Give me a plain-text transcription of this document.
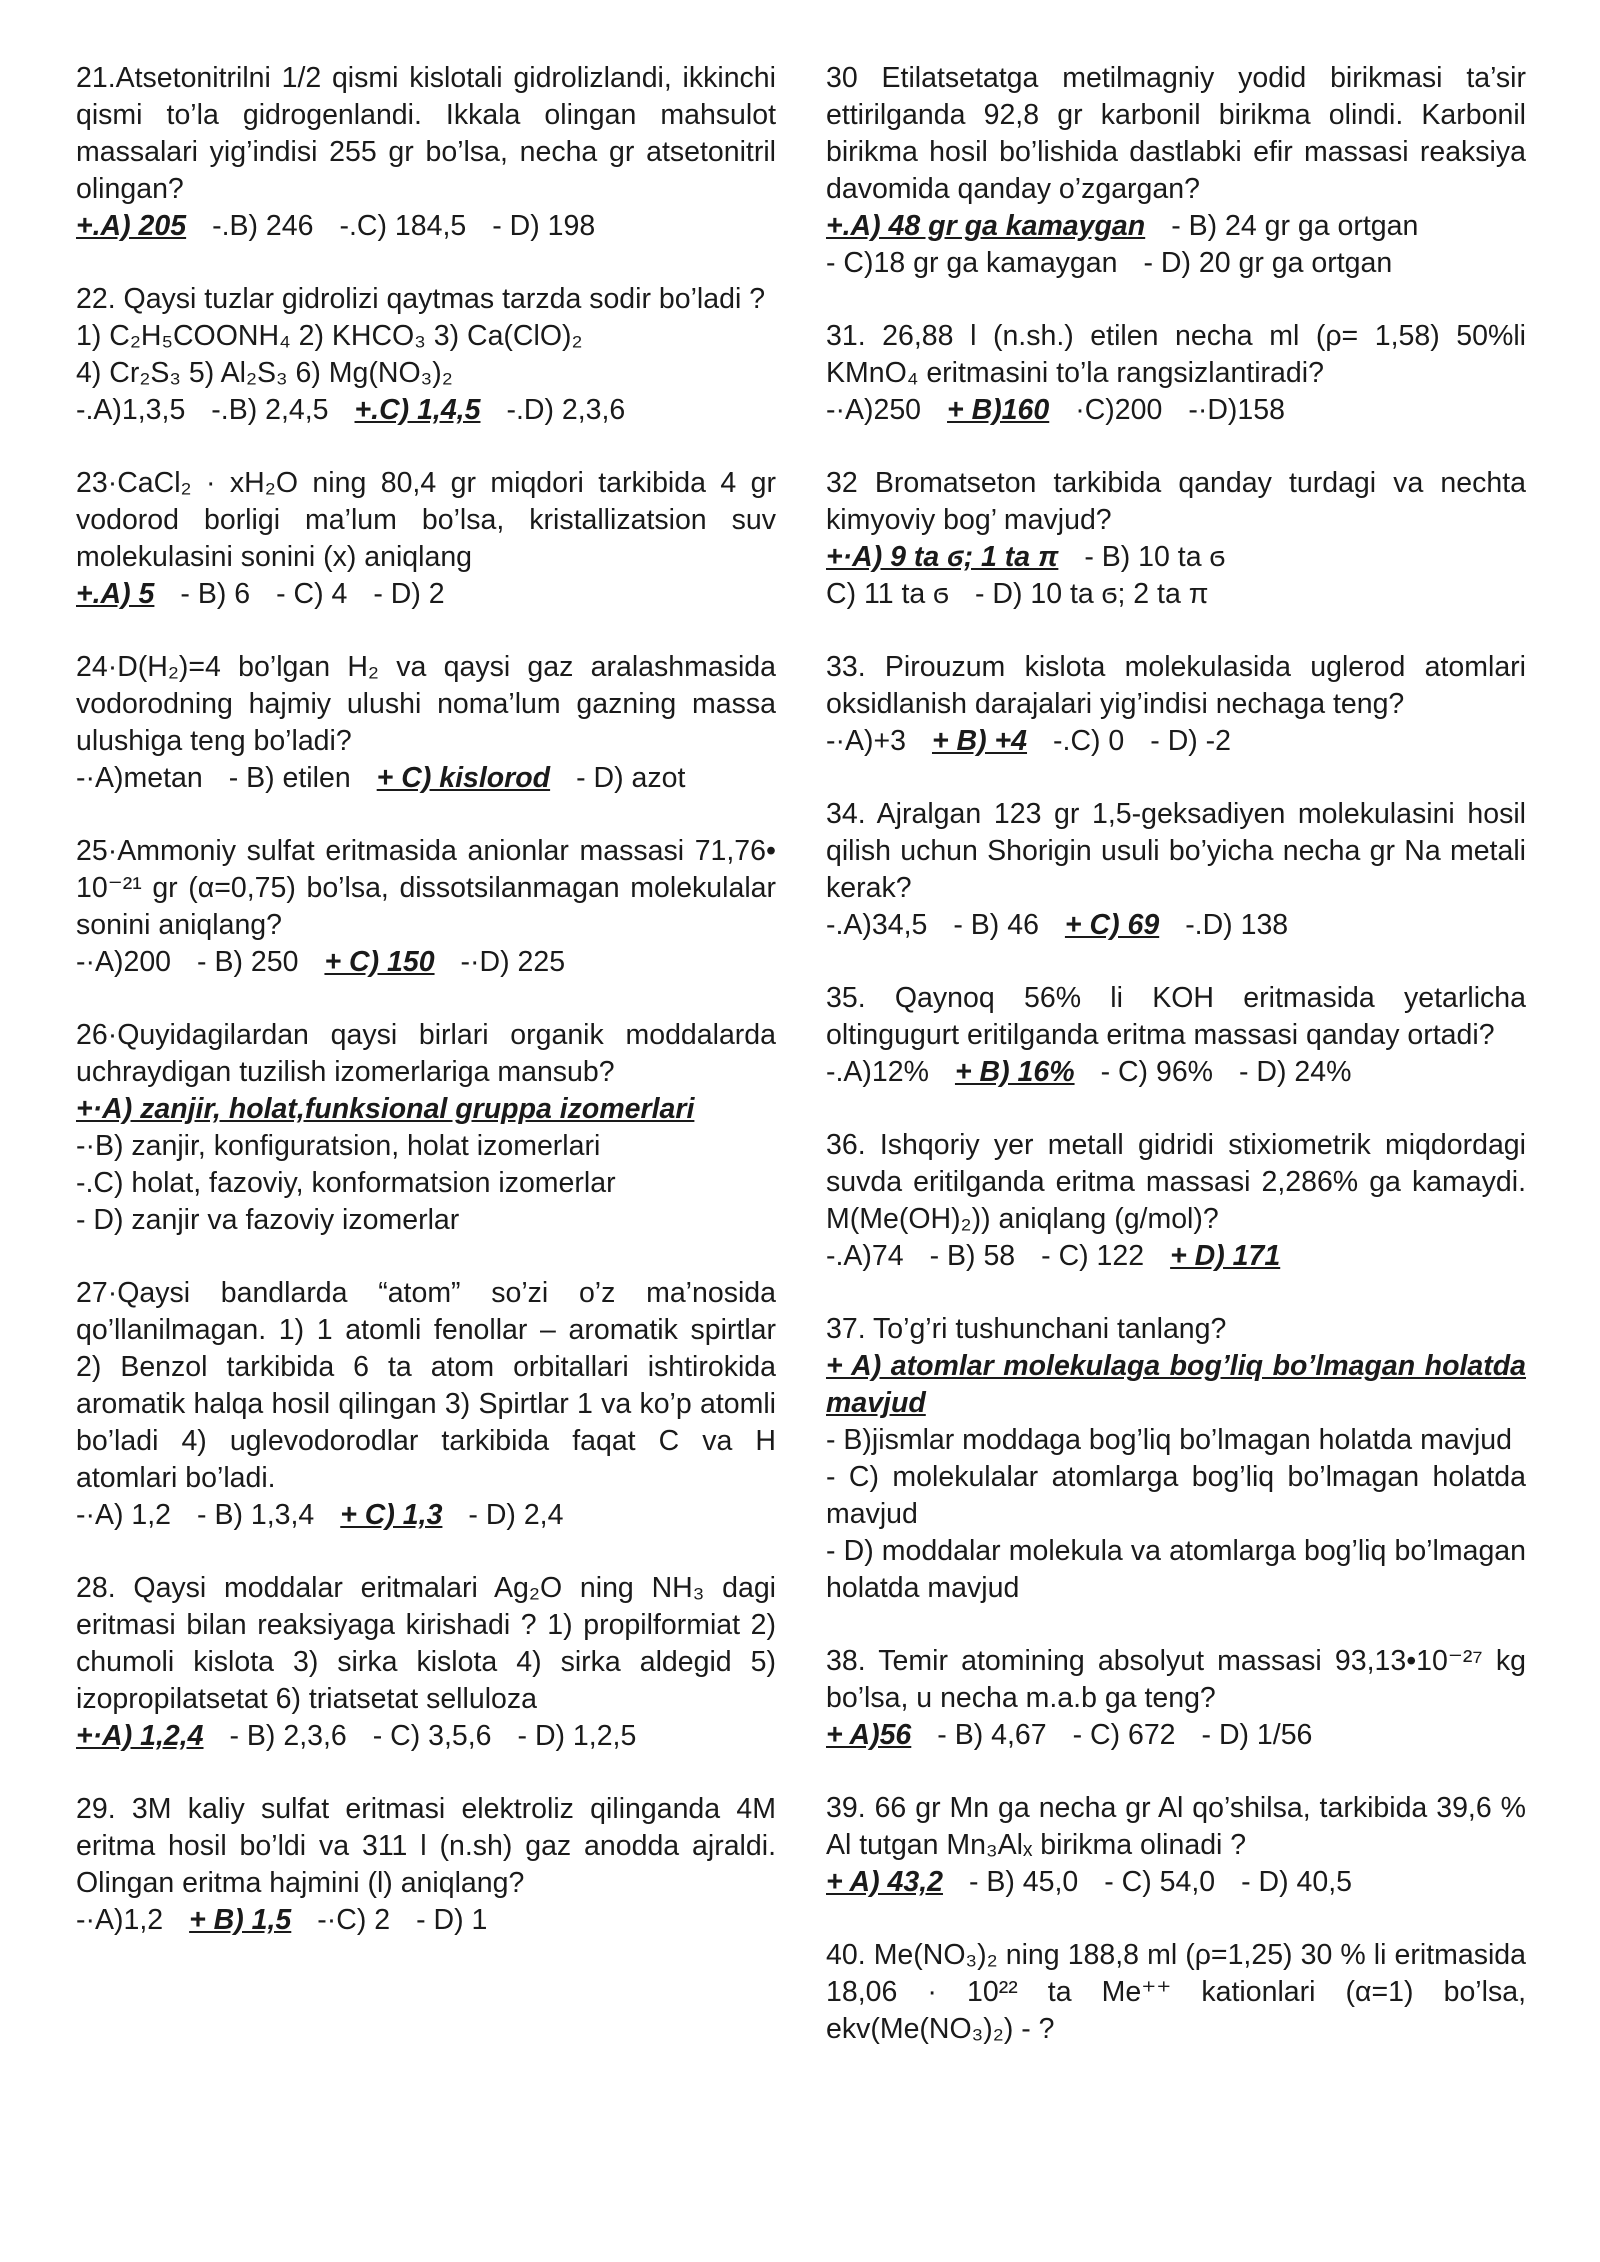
21.Atsetonitrilni 1/2 qismi kislotali gidrolizlandi, ikkinchi qismi to’la gidrogenlandi. Ikkala olingan mahsulot massalari yig’indisi 255 gr bo’lsa, necha gr atsetonitril olingan?

+.A) 205 -.B) 246 -.C) 184,5 - D) 198

22. Qaysi tuzlar gidrolizi qaytmas tarzda sodir bo’ladi ?

1) C₂H₅COONH₄ 2) KHCO₃ 3) Ca(ClO)₂

4) Cr₂S₃ 5) Al₂S₃ 6) Mg(NO₃)₂

-.A)1,3,5 -.B) 2,4,5 +.C) 1,4,5 -.D) 2,3,6

23·CaCl₂ · xH₂O ning 80,4 gr miqdori tarkibida 4 gr vodorod borligi ma’lum bo’lsa, kristallizatsion suv molekulasini sonini (x) aniqlang

+.A) 5 - B) 6 - C) 4 - D) 2

24·D(H₂)=4 bo’lgan H₂ va qaysi gaz aralashmasida vodorodning hajmiy ulushi noma’lum gazning massa ulushiga teng bo’ladi?

-·A)metan - B) etilen + C) kislorod - D) azot

25·Ammoniy sulfat eritmasida anionlar massasi 71,76• 10⁻²¹ gr (α=0,75) bo’lsa, dissotsilanmagan molekulalar sonini aniqlang?

-·A)200 - B) 250 + C) 150 -·D) 225

26·Quyidagilardan qaysi birlari organik moddalarda uchraydigan tuzilish izomerlariga mansub?

+·A) zanjir, holat,funksional gruppa izomerlari

-·B) zanjir, konfiguratsion, holat izomerlari

-.C) holat, fazoviy, konformatsion izomerlar

- D) zanjir va fazoviy izomerlar

27·Qaysi bandlarda “atom” so’zi o’z ma’nosida qo’llanilmagan. 1) 1 atomli fenollar – aromatik spirtlar 2) Benzol tarkibida 6 ta atom orbitallari ishtirokida aromatik halqa hosil qilingan 3) Spirtlar 1 va ko’p atomli bo’ladi 4) uglevodorodlar tarkibida faqat C va H atomlari bo’ladi.

-·A) 1,2 - B) 1,3,4 + C) 1,3 - D) 2,4

28. Qaysi moddalar eritmalari Ag₂O ning NH₃ dagi eritmasi bilan reaksiyaga kirishadi ? 1) propilformiat 2) chumoli kislota 3) sirka kislota 4) sirka aldegid 5) izopropilatsetat 6) triatsetat selluloza

+·A) 1,2,4 - B) 2,3,6 - C) 3,5,6 - D) 1,2,5

29. 3M kaliy sulfat eritmasi elektroliz qilinganda 4M eritma hosil bo’ldi va 311 l (n.sh) gaz anodda ajraldi. Olingan eritma hajmini (l) aniqlang?

-·A)1,2 + B) 1,5 -·C) 2 - D) 1

30 Etilatsetatga metilmagniy yodid birikmasi ta’sir ettirilganda 92,8 gr karbonil birikma olindi. Karbonil birikma hosil bo’lishida dastlabki efir massasi reaksiya davomida qanday o’zgargan?

+.A) 48 gr ga kamaygan - B) 24 gr ga ortgan

- C)18 gr ga kamaygan - D) 20 gr ga ortgan

31. 26,88 l (n.sh.) etilen necha ml (ρ= 1,58) 50%li KMnO₄ eritmasini to’la rangsizlantiradi?

-·A)250 + B)160 ·C)200 -·D)158

32 Bromatseton tarkibida qanday turdagi va nechta kimyoviy bog’ mavjud?

+·A) 9 ta ϭ; 1 ta π - B) 10 ta ϭ

C) 11 ta ϭ - D) 10 ta ϭ; 2 ta π

33. Pirouzum kislota molekulasida uglerod atomlari oksidlanish darajalari yig’indisi nechaga teng?

-·A)+3 + B) +4 -.C) 0 - D) -2

34. Ajralgan 123 gr 1,5-geksadiyen molekulasini hosil qilish uchun Shorigin usuli bo’yicha necha gr Na metali kerak?

-.A)34,5 - B) 46 + C) 69 -.D) 138

35. Qaynoq 56% li KOH eritmasida yetarlicha oltingugurt eritilganda eritma massasi qanday ortadi?

-.A)12% + B) 16% - C) 96% - D) 24%

36. Ishqoriy yer metall gidridi stixiometrik miqdordagi suvda eritilganda eritma massasi 2,286% ga kamaydi. M(Me(OH)₂)) aniqlang (g/mol)?

-.A)74 - B) 58 - C) 122 + D) 171

37. To’g’ri tushunchani tanlang?

+ A) atomlar molekulaga bog’liq bo’lmagan holatda mavjud

- B)jismlar moddaga bog’liq bo’lmagan holatda mavjud

- C) molekulalar atomlarga bog’liq bo’lmagan holatda mavjud

- D) moddalar molekula va atomlarga bog’liq bo’lmagan holatda mavjud

38. Temir atomining absolyut massasi 93,13•10⁻²⁷ kg bo’lsa, u necha m.a.b ga teng?

+ A)56 - B) 4,67 - C) 672 - D) 1/56

39. 66 gr Mn ga necha gr Al qo’shilsa, tarkibida 39,6 % Al tutgan Mn₃Alₓ birikma olinadi ?

+ A) 43,2 - B) 45,0 - C) 54,0 - D) 40,5

40. Me(NO₃)₂ ning 188,8 ml (ρ=1,25) 30 % li eritmasida 18,06 · 10²² ta Me⁺⁺ kationlari (α=1) bo’lsa, ekv(Me(NO₃)₂) - ?
